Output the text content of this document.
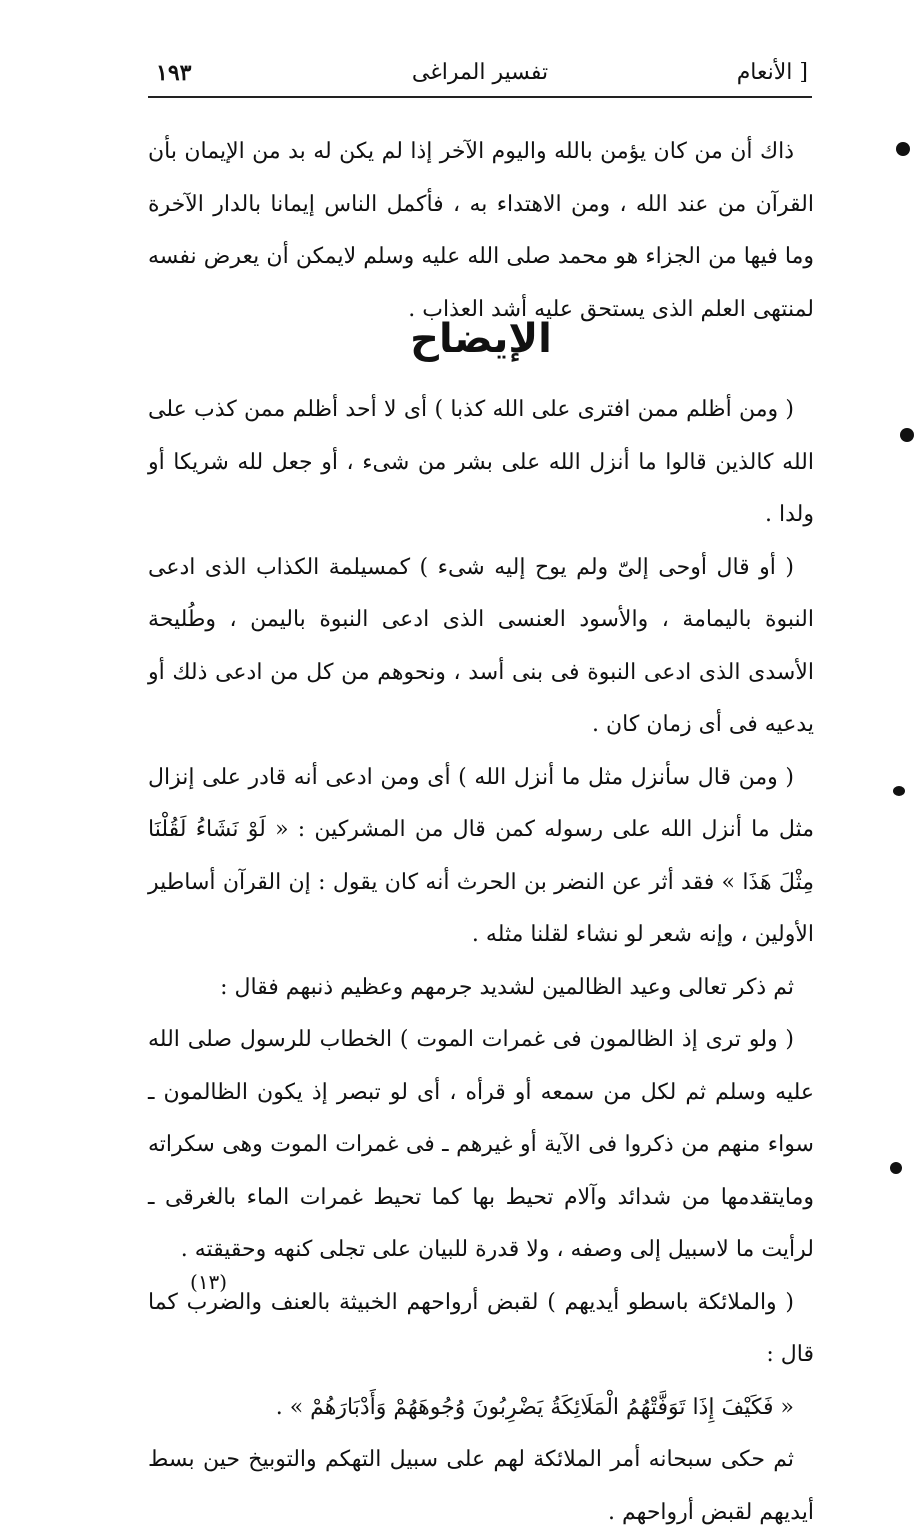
الأنعام ]
تفسير المراغى
١٩٣

ذاك أن من كان يؤمن بالله واليوم الآخر إذا لم يكن له بد من الإيمان بأن القرآن من عند الله ، ومن الاهتداء به ، فأكمل الناس إيمانا بالدار الآخرة وما فيها من الجزاء هو محمد صلى الله عليه وسلم لايمكن أن يعرض نفسه لمنتهى العلم الذى يستحق عليه أشد العذاب .

الإيضاح

( ومن أظلم ممن افترى على الله كذبا ) أى لا أحد أظلم ممن كذب على الله كالذين قالوا ما أنزل الله على بشر من شىء ، أو جعل لله شريكا أو ولدا .

( أو قال أوحى إلىّ ولم يوح إليه شىء ) كمسيلمة الكذاب الذى ادعى النبوة باليمامة ، والأسود العنسى الذى ادعى النبوة باليمن ، وطُليحة الأسدى الذى ادعى النبوة فى بنى أسد ، ونحوهم من كل من ادعى ذلك أو يدعيه فى أى زمان كان .

( ومن قال سأنزل مثل ما أنزل الله ) أى ومن ادعى أنه قادر على إنزال مثل ما أنزل الله على رسوله كمن قال من المشركين : « لَوْ نَشَاءُ لَقُلْنَا مِثْلَ هَذَا » فقد أثر عن النضر بن الحرث أنه كان يقول : إن القرآن أساطير الأولين ، وإنه شعر لو نشاء لقلنا مثله .

ثم ذكر تعالى وعيد الظالمين لشديد جرمهم وعظيم ذنبهم فقال :

( ولو ترى إذ الظالمون فى غمرات الموت ) الخطاب للرسول صلى الله عليه وسلم ثم لكل من سمعه أو قرأه ، أى لو تبصر إذ يكون الظالمون ـ سواء منهم من ذكروا فى الآية أو غيرهم ـ فى غمرات الموت وهى سكراته ومايتقدمها من شدائد وآلام تحيط بها كما تحيط غمرات الماء بالغرقى ـ لرأيت ما لاسبيل إلى وصفه ، ولا قدرة للبيان على تجلى كنهه وحقيقته .

( والملائكة باسطو أيديهم ) لقبض أرواحهم الخبيثة بالعنف والضرب كما قال :

« فَكَيْفَ إِذَا تَوَفَّتْهُمُ الْمَلَائِكَةُ يَضْرِبُونَ وُجُوهَهُمْ وَأَدْبَارَهُمْ » .

ثم حكى سبحانه أمر الملائكة لهم على سبيل التهكم والتوبيخ حين بسط أيديهم لقبض أرواحهم .

(١٣)
